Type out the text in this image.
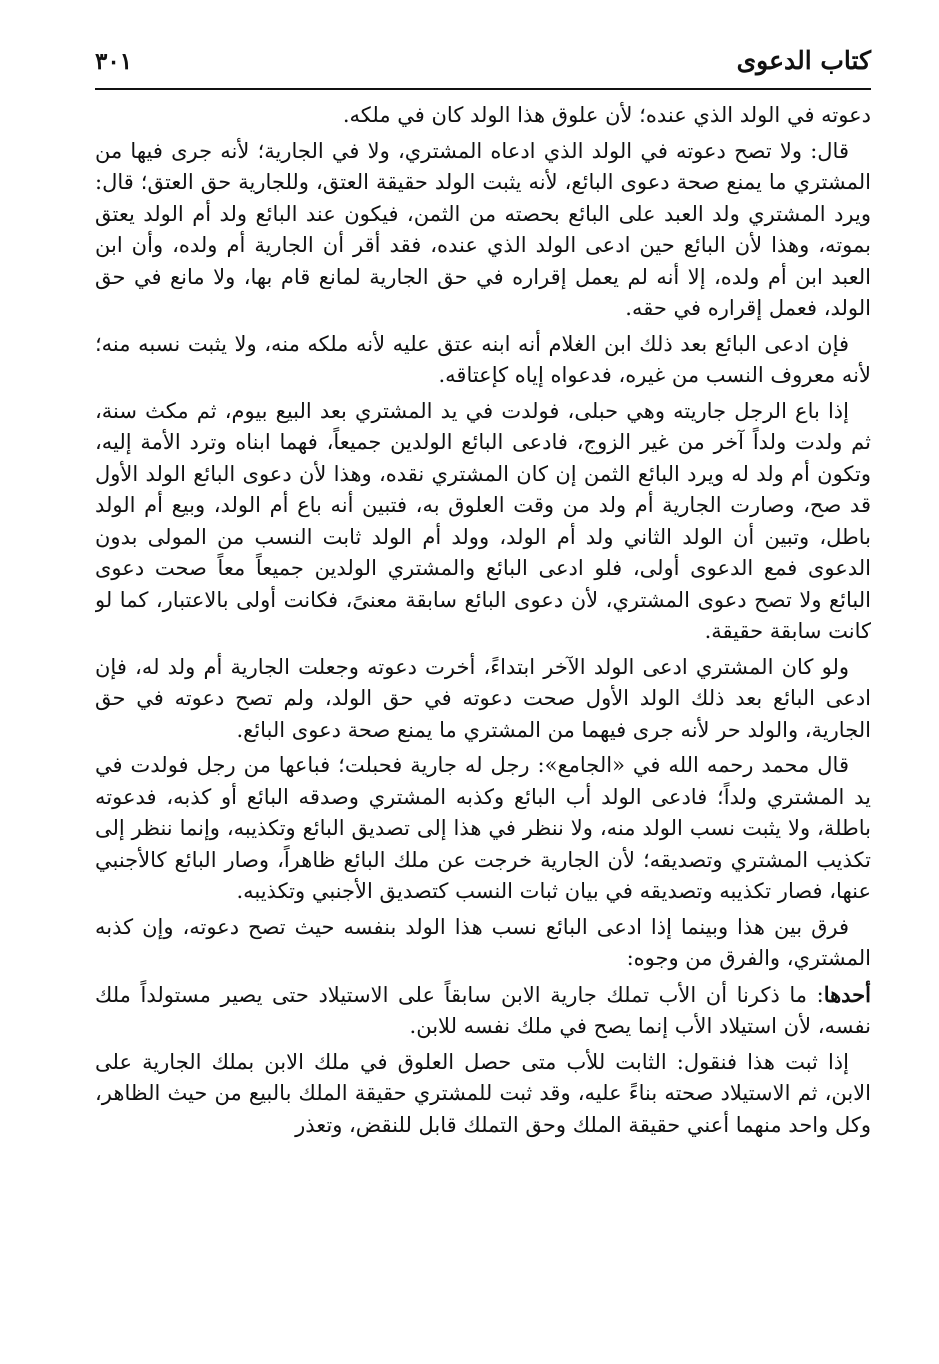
كتاب الدعوى
٣٠١

دعوته في الولد الذي عنده؛ لأن علوق هذا الولد كان في ملكه.

قال: ولا تصح دعوته في الولد الذي ادعاه المشتري، ولا في الجارية؛ لأنه جرى فيها من المشتري ما يمنع صحة دعوى البائع، لأنه يثبت الولد حقيقة العتق، وللجارية حق العتق؛ قال: ويرد المشتري ولد العبد على البائع بحصته من الثمن، فيكون عند البائع ولد أم الولد يعتق بموته، وهذا لأن البائع حين ادعى الولد الذي عنده، فقد أقر أن الجارية أم ولده، وأن ابن العبد ابن أم ولده، إلا أنه لم يعمل إقراره في حق الجارية لمانع قام بها، ولا مانع في حق الولد، فعمل إقراره في حقه.

فإن ادعى البائع بعد ذلك ابن الغلام أنه ابنه عتق عليه لأنه ملكه منه، ولا يثبت نسبه منه؛ لأنه معروف النسب من غيره، فدعواه إياه كإعتاقه.

إذا باع الرجل جاريته وهي حبلى، فولدت في يد المشتري بعد البيع بيوم، ثم مكث سنة، ثم ولدت ولداً آخر من غير الزوج، فادعى البائع الولدين جميعاً، فهما ابناه وترد الأمة إليه، وتكون أم ولد له ويرد البائع الثمن إن كان المشتري نقده، وهذا لأن دعوى البائع الولد الأول قد صح، وصارت الجارية أم ولد من وقت العلوق به، فتبين أنه باع أم الولد، وبيع أم الولد باطل، وتبين أن الولد الثاني ولد أم الولد، وولد أم الولد ثابت النسب من المولى بدون الدعوى فمع الدعوى أولى، فلو ادعى البائع والمشتري الولدين جميعاً معاً صحت دعوى البائع ولا تصح دعوى المشتري، لأن دعوى البائع سابقة معنىً، فكانت أولى بالاعتبار، كما لو كانت سابقة حقيقة.

ولو كان المشتري ادعى الولد الآخر ابتداءً، أخرت دعوته وجعلت الجارية أم ولد له، فإن ادعى البائع بعد ذلك الولد الأول صحت دعوته في حق الولد، ولم تصح دعوته في حق الجارية، والولد حر لأنه جرى فيهما من المشتري ما يمنع صحة دعوى البائع.

قال محمد رحمه الله في «الجامع»: رجل له جارية فحبلت؛ فباعها من رجل فولدت في يد المشتري ولداً؛ فادعى الولد أب البائع وكذبه المشتري وصدقه البائع أو كذبه، فدعوته باطلة، ولا يثبت نسب الولد منه، ولا ننظر في هذا إلى تصديق البائع وتكذيبه، وإنما ننظر إلى تكذيب المشتري وتصديقه؛ لأن الجارية خرجت عن ملك البائع ظاهراً، وصار البائع كالأجنبي عنها، فصار تكذيبه وتصديقه في بيان ثبات النسب كتصديق الأجنبي وتكذيبه.

فرق بين هذا وبينما إذا ادعى البائع نسب هذا الولد بنفسه حيث تصح دعوته، وإن كذبه المشتري، والفرق من وجوه:

أحدها: ما ذكرنا أن الأب تملك جارية الابن سابقاً على الاستيلاد حتى يصير مستولداً ملك نفسه، لأن استيلاد الأب إنما يصح في ملك نفسه للابن.

إذا ثبت هذا فنقول: الثابت للأب متى حصل العلوق في ملك الابن بملك الجارية على الابن، ثم الاستيلاد صحته بناءً عليه، وقد ثبت للمشتري حقيقة الملك بالبيع من حيث الظاهر، وكل واحد منهما أعني حقيقة الملك وحق التملك قابل للنقض، وتعذر
